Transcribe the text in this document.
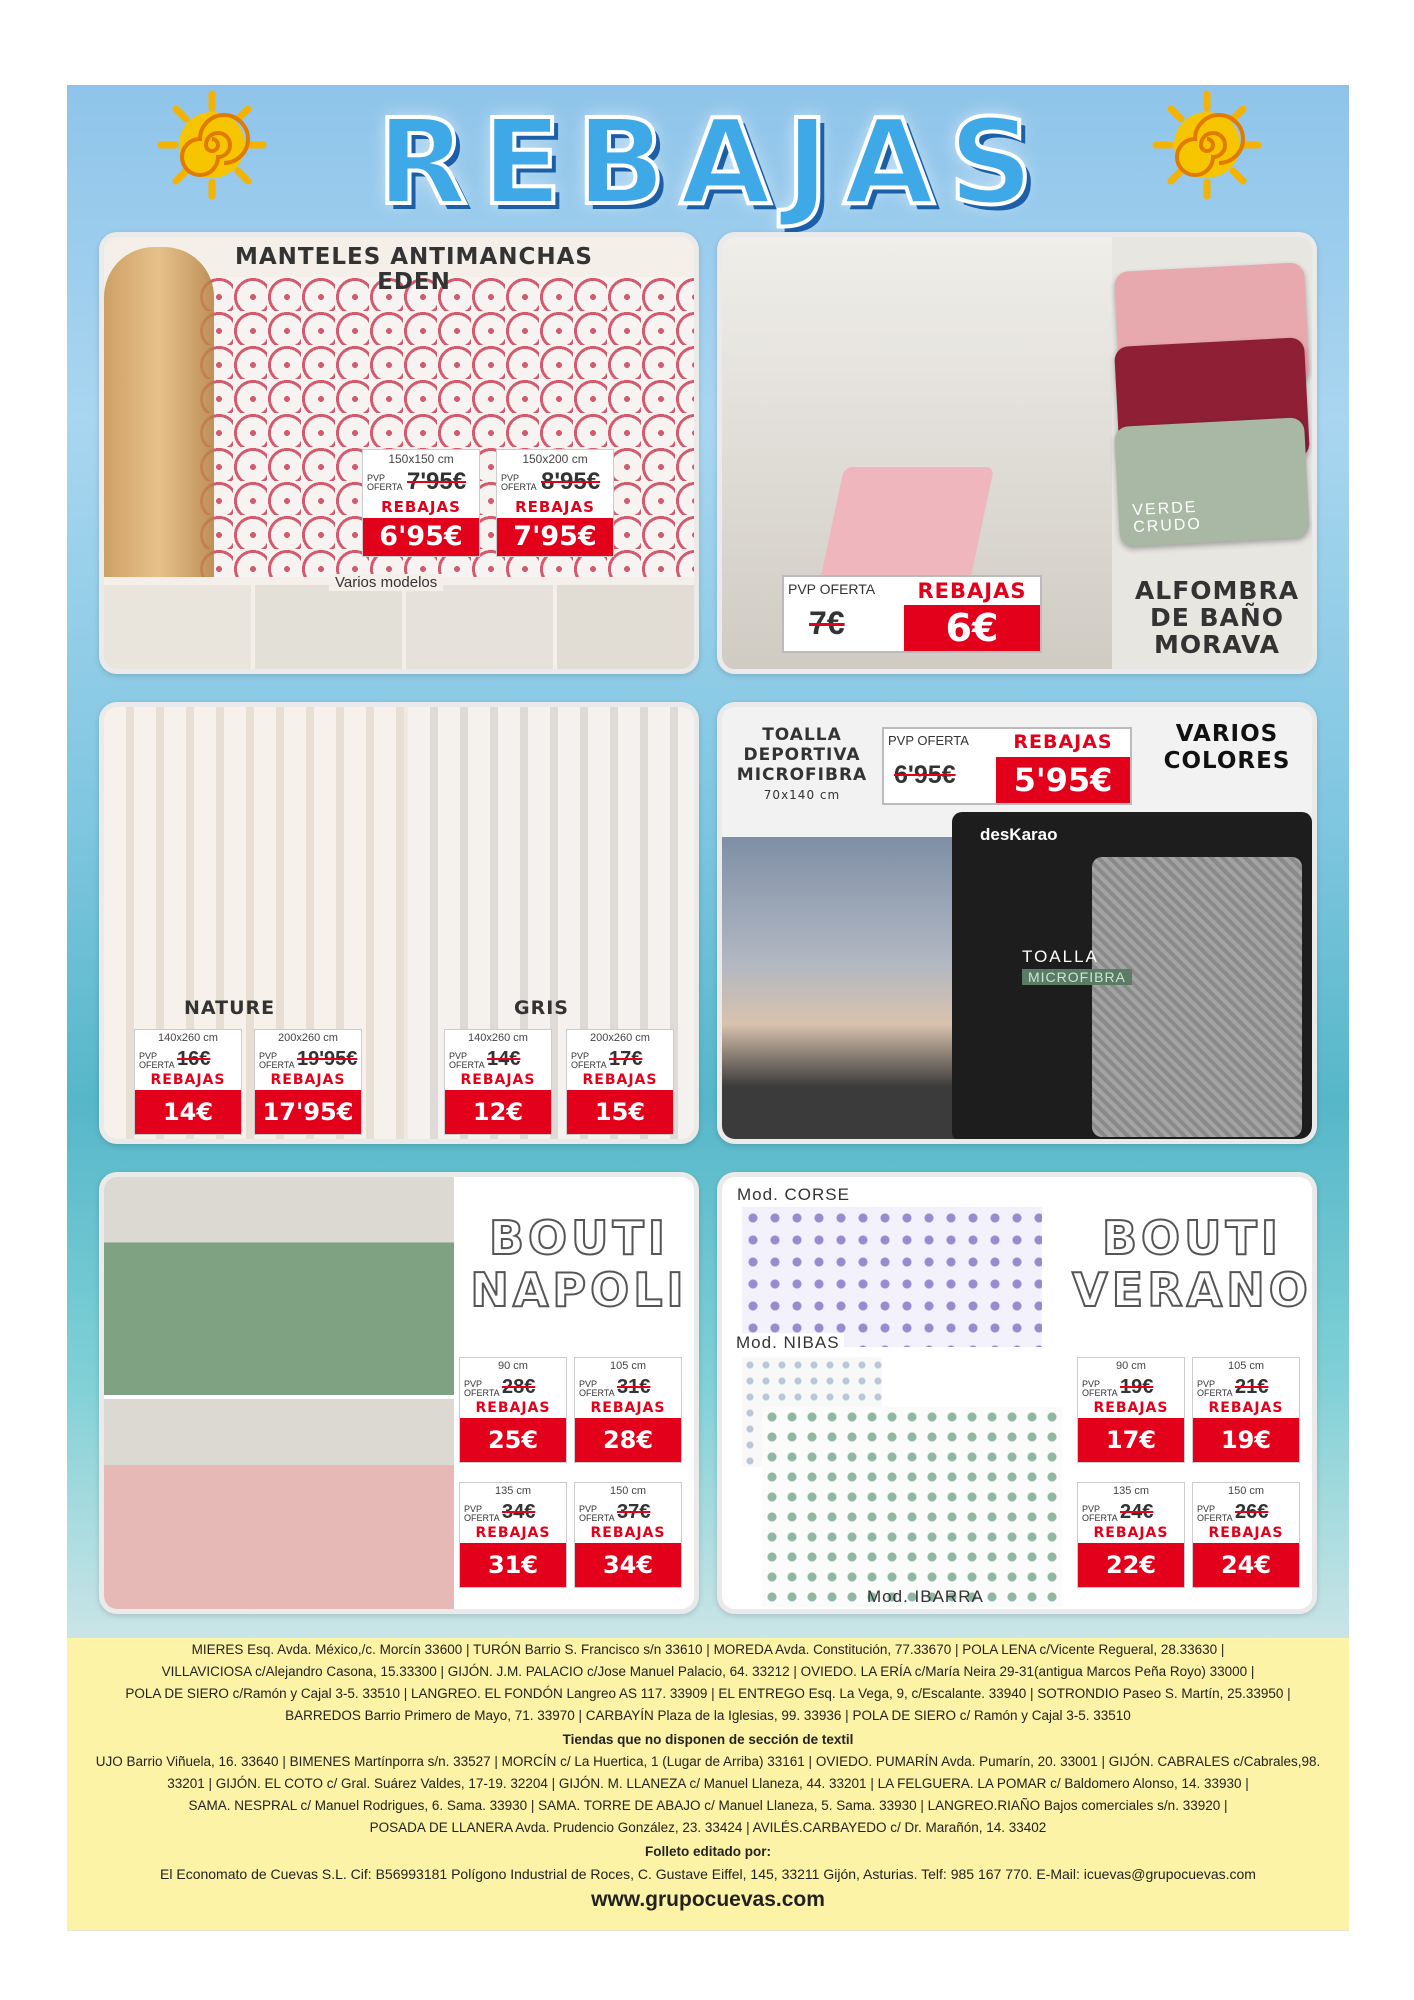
REBAJAS
MANTELES ANTIMANCHAS
EDEN
150x150 cm
PVP
OFERTA 7'95€
REBAJAS
6'95€
150x200 cm
PVP
OFERTA 8'95€
REBAJAS
7'95€
Varios modelos
VERDE CRUDO
PVP OFERTA
7€
REBAJAS
6€
ALFOMBRA
DE BAÑO
MORAVA
NATURE	GRIS
140x260 cm
PVP
OFERTA 16€
REBAJAS
14€
200x260 cm
PVP
OFERTA 19'95€
REBAJAS
17'95€
140x260 cm
PVP
OFERTA 14€
REBAJAS
12€
200x260 cm
PVP
OFERTA 17€
REBAJAS
15€
desKarao
TOALLA
MICROFIBRA
TOALLA
DEPORTIVA
MICROFIBRA
70x140 cm
PVP OFERTA
6'95€
REBAJAS
5'95€
VARIOS
COLORES
BOUTI
NAPOLI
90 cm
PVP
OFERTA 28€
REBAJAS
25€
105 cm
PVP
OFERTA 31€
REBAJAS
28€
135 cm
PVP
OFERTA 34€
REBAJAS
31€
150 cm
PVP
OFERTA 37€
REBAJAS
34€
Mod. CORSE
Mod. NIBAS
Mod. IBARRA
BOUTI
VERANO
90 cm
PVP
OFERTA 19€
REBAJAS
17€
105 cm
PVP
OFERTA 21€
REBAJAS
19€
135 cm
PVP
OFERTA 24€
REBAJAS
22€
150 cm
PVP
OFERTA 26€
REBAJAS
24€
MIERES Esq. Avda. México,/c. Morcín 33600 | TURÓN Barrio S. Francisco s/n 33610 | MOREDA Avda. Constitución, 77.33670 | POLA LENA c/Vicente Regueral, 28.33630 |
VILLAVICIOSA c/Alejandro Casona, 15.33300 | GIJÓN. J.M. PALACIO c/Jose Manuel Palacio, 64. 33212 | OVIEDO. LA ERÍA c/María Neira 29-31(antigua Marcos Peña Royo) 33000 |
POLA DE SIERO c/Ramón y Cajal 3-5. 33510 | LANGREO. EL FONDÓN Langreo AS 117. 33909 | EL ENTREGO Esq. La Vega, 9, c/Escalante. 33940 | SOTRONDIO Paseo S. Martín, 25.33950 |
BARREDOS Barrio Primero de Mayo, 71. 33970 | CARBAYÍN Plaza de la Iglesias, 99. 33936 | POLA DE SIERO c/ Ramón y Cajal 3-5. 33510
Tiendas que no disponen de sección de textil
UJO Barrio Viñuela, 16. 33640 | BIMENES Martínporra s/n. 33527 | MORCÍN c/ La Huertica, 1 (Lugar de Arriba) 33161 | OVIEDO. PUMARÍN Avda. Pumarín, 20. 33001 | GIJÓN. CABRALES c/Cabrales,98.
33201 | GIJÓN. EL COTO c/ Gral. Suárez Valdes, 17-19. 32204 | GIJÓN. M. LLANEZA c/ Manuel Llaneza, 44. 33201 | LA FELGUERA. LA POMAR c/ Baldomero Alonso, 14. 33930 |
SAMA. NESPRAL c/ Manuel Rodrigues, 6. Sama. 33930 | SAMA. TORRE DE ABAJO c/ Manuel Llaneza, 5. Sama. 33930 | LANGREO.RIAÑO Bajos comerciales s/n. 33920 |
POSADA DE LLANERA Avda. Prudencio González, 23. 33424 | AVILÉS.CARBAYEDO c/ Dr. Marañón, 14. 33402
Folleto editado por:
El Economato de Cuevas S.L. Cif: B56993181 Polígono Industrial de Roces, C. Gustave Eiffel, 145, 33211 Gijón, Asturias. Telf: 985 167 770. E-Mail: icuevas@grupocuevas.com
www.grupocuevas.com
